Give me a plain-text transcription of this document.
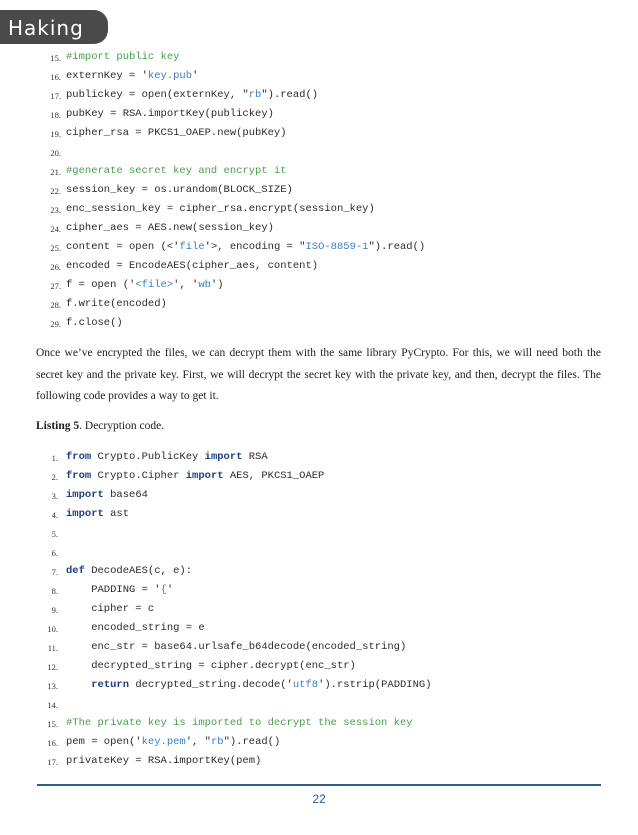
Haking
15. #import public key
16. externKey = 'key.pub'
17. publickey = open(externKey, "rb").read()
18. pubKey = RSA.importKey(publickey)
19. cipher_rsa = PKCS1_OAEP.new(pubKey)
20.
21. #generate secret key and encrypt it
22. session_key = os.urandom(BLOCK_SIZE)
23. enc_session_key = cipher_rsa.encrypt(session_key)
24. cipher_aes = AES.new(session_key)
25. content = open (<'file'>, encoding = "ISO-8859-1").read()
26. encoded = EncodeAES(cipher_aes, content)
27. f = open ('<file>', 'wb')
28. f.write(encoded)
29. f.close()
Once we’ve encrypted the files, we can decrypt them with the same library PyCrypto. For this, we will need both the secret key and the private key. First, we will decrypt the secret key with the private key, and then, decrypt the files. The following code provides a way to get it.
Listing 5. Decryption code.
1. from Crypto.PublicKey import RSA
2. from Crypto.Cipher import AES, PKCS1_OAEP
3. import base64
4. import ast
5.
6.
7. def DecodeAES(c, e):
8. PADDING = '{'
9. cipher = c
10. encoded_string = e
11. enc_str = base64.urlsafe_b64decode(encoded_string)
12. decrypted_string = cipher.decrypt(enc_str)
13.	return decrypted_string.decode('utf8').rstrip(PADDING)
14.
15. #The private key is imported to decrypt the session key
16. pem = open('key.pem', "rb").read()
17. privateKey = RSA.importKey(pem)
22
